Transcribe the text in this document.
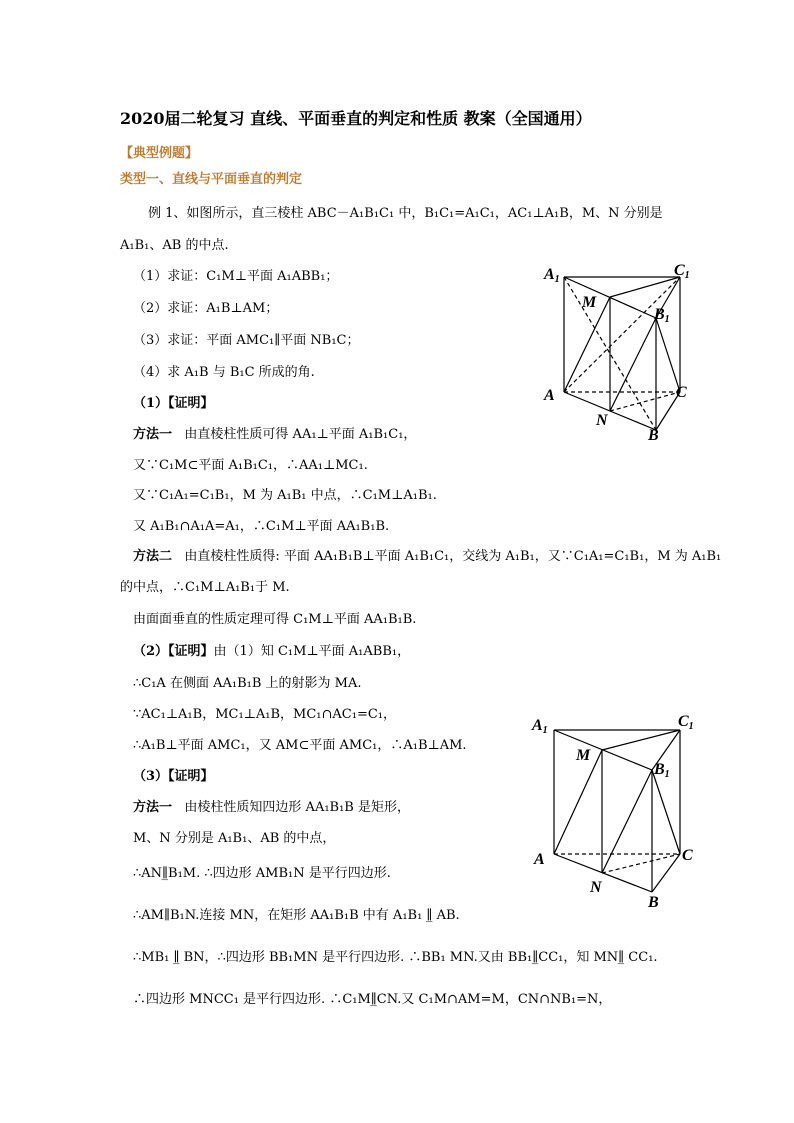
2020届二轮复习 直线、平面垂直的判定和性质 教案（全国通用）
【典型例题】
类型一、直线与平面垂直的判定
例 1、如图所示，直三棱柱 ABC－A₁B₁C₁ 中，B₁C₁=A₁C₁，AC₁⊥A₁B，M、N 分别是
A₁B₁、AB 的中点.
（1）求证：C₁M⊥平面 A₁ABB₁；
（2）求证：A₁B⊥AM；
（3）求证：平面 AMC₁∥平面 NB₁C；
（4）求 A₁B 与 B₁C 所成的角.
（1）【证明】
方法一 由直棱柱性质可得 AA₁⊥平面 A₁B₁C₁，
又∵C₁M⊂平面 A₁B₁C₁，∴AA₁⊥MC₁.
又∵C₁A₁=C₁B₁，M 为 A₁B₁ 中点，∴C₁M⊥A₁B₁.
又 A₁B₁∩A₁A=A₁，∴C₁M⊥平面 AA₁B₁B.
方法二 由直棱柱性质得: 平面 AA₁B₁B⊥平面 A₁B₁C₁，交线为 A₁B₁，又∵C₁A₁=C₁B₁，M 为 A₁B₁
的中点，∴C₁M⊥A₁B₁于 M.
由面面垂直的性质定理可得 C₁M⊥平面 AA₁B₁B.
（2）【证明】由（1）知 C₁M⊥平面 A₁ABB₁，
∴C₁A 在侧面 AA₁B₁B 上的射影为 MA.
∵AC₁⊥A₁B，MC₁⊥A₁B，MC₁∩AC₁=C₁，
∴A₁B⊥平面 AMC₁，又 AM⊂平面 AMC₁，∴A₁B⊥AM.
（3）【证明】
方法一 由棱柱性质知四边形 AA₁B₁B 是矩形，
M、N 分别是 A₁B₁、AB 的中点，
∴AN∥̲B₁M. ∴四边形 AMB₁N 是平行四边形.
∴AM∥B₁N.连接 MN，在矩形 AA₁B₁B 中有 A₁B₁ ∥̲ AB.
∴MB₁ ∥̲ BN，∴四边形 BB₁MN 是平行四边形. ∴BB₁ MN.又由 BB₁∥̲CC₁，知 MN∥̲ CC₁.
∴四边形 MNCC₁ 是平行四边形. ∴C₁M∥̲CN.又 C₁M∩AM=M，CN∩NB₁=N，
A1
C1
M
B1
A	C
N
B
A1
C1
M
B1
A	C
N
B
